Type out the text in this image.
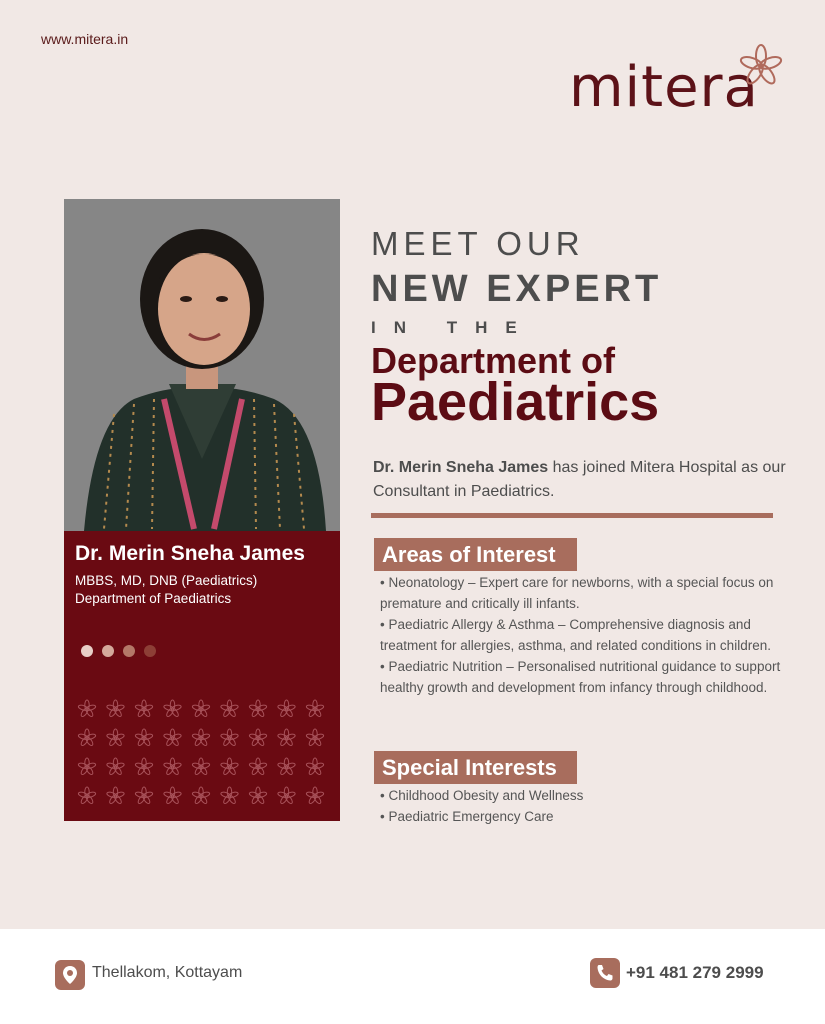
www.mitera.in
mitera
Dr. Merin Sneha James
MBBS, MD, DNB (Paediatrics)
Department of Paediatrics
MEET OUR
NEW EXPERT
IN THE
Department of
Paediatrics
Dr. Merin Sneha James has joined Mitera Hospital as our Consultant in Paediatrics.
Areas of Interest

• Neonatology – Expert care for newborns, with a special focus on premature and critically ill infants.

• Paediatric Allergy & Asthma – Comprehensive diagnosis and treatment for allergies, asthma, and related conditions in children.

• Paediatric Nutrition – Personalised nutritional guidance to support healthy growth and development from infancy through childhood.

Special Interests

• Childhood Obesity and Wellness

• Paediatric Emergency Care

Thellakom, Kottayam	+91 481 279 2999
